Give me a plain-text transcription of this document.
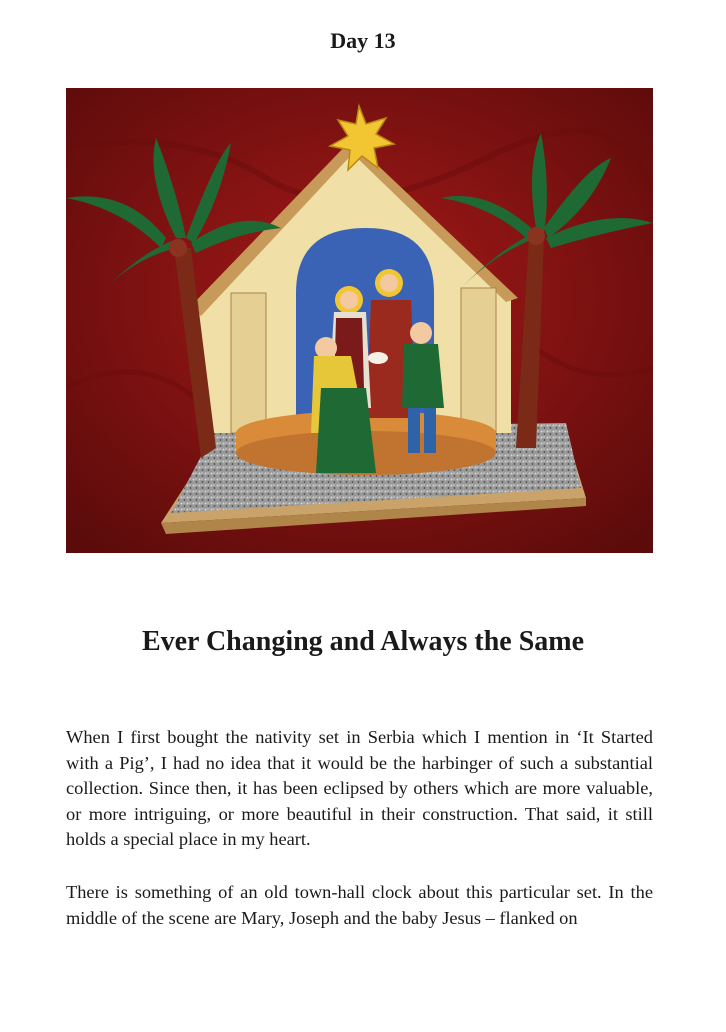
Day 13
Ever Changing and Always the Same

When I first bought the nativity set in Serbia which I mention in ‘It Started with a Pig’, I had no idea that it would be the harbinger of such a substantial collection. Since then, it has been eclipsed by others which are more valuable, or more intriguing, or more beautiful in their construction. That said, it still holds a special place in my heart.

There is something of an old town-hall clock about this particular set. In the middle of the scene are Mary, Joseph and the baby Jesus – flanked on
